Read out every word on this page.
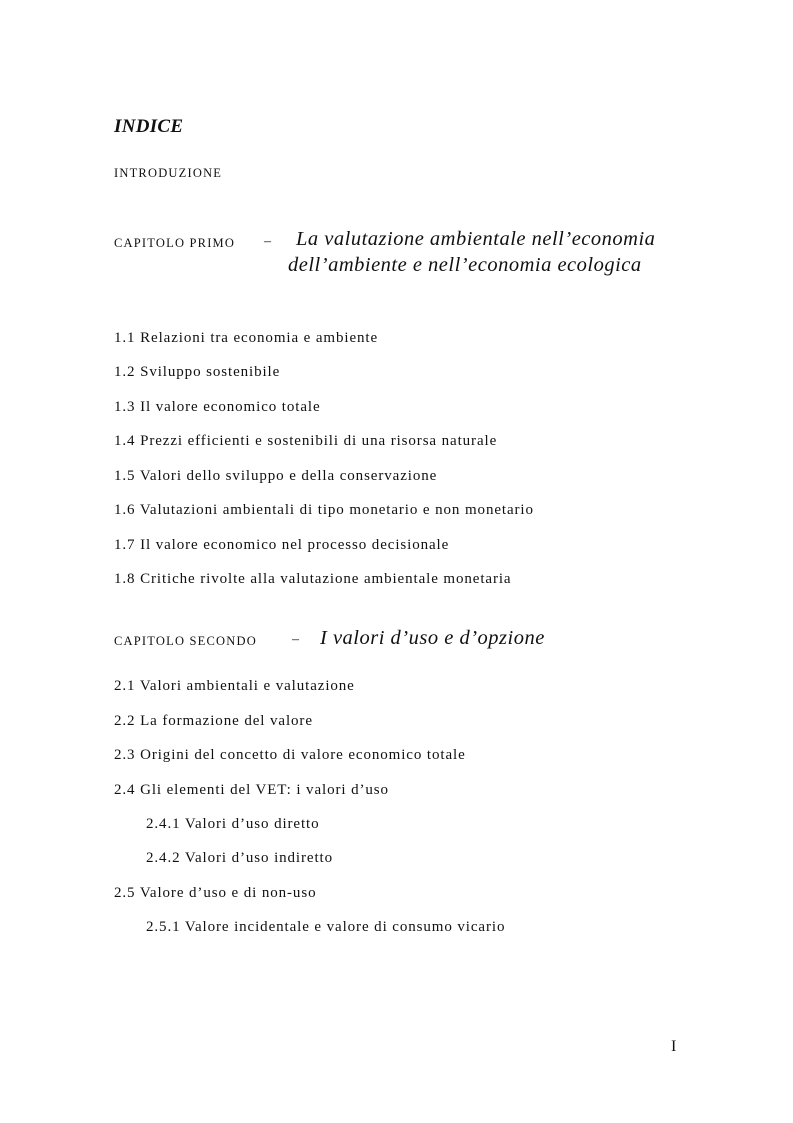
INDICE
INTRODUZIONE
CAPITOLO PRIMO – La valutazione ambientale nell’economia
dell’ambiente e nell’economia ecologica
1.1 Relazioni tra economia e ambiente
1.2 Sviluppo sostenibile
1.3 Il valore economico totale
1.4 Prezzi efficienti e sostenibili di una risorsa naturale
1.5 Valori dello sviluppo e della conservazione
1.6 Valutazioni ambientali di tipo monetario e non monetario
1.7 Il valore economico nel processo decisionale
1.8 Critiche rivolte alla valutazione ambientale monetaria
CAPITOLO SECONDO	– I valori d’uso e d’opzione
2.1 Valori ambientali e valutazione
2.2 La formazione del valore
2.3 Origini del concetto di valore economico totale
2.4 Gli elementi del VET: i valori d’uso
2.4.1 Valori d’uso diretto
2.4.2 Valori d’uso indiretto
2.5 Valore d’uso e di non-uso
2.5.1 Valore incidentale e valore di consumo vicario
I
